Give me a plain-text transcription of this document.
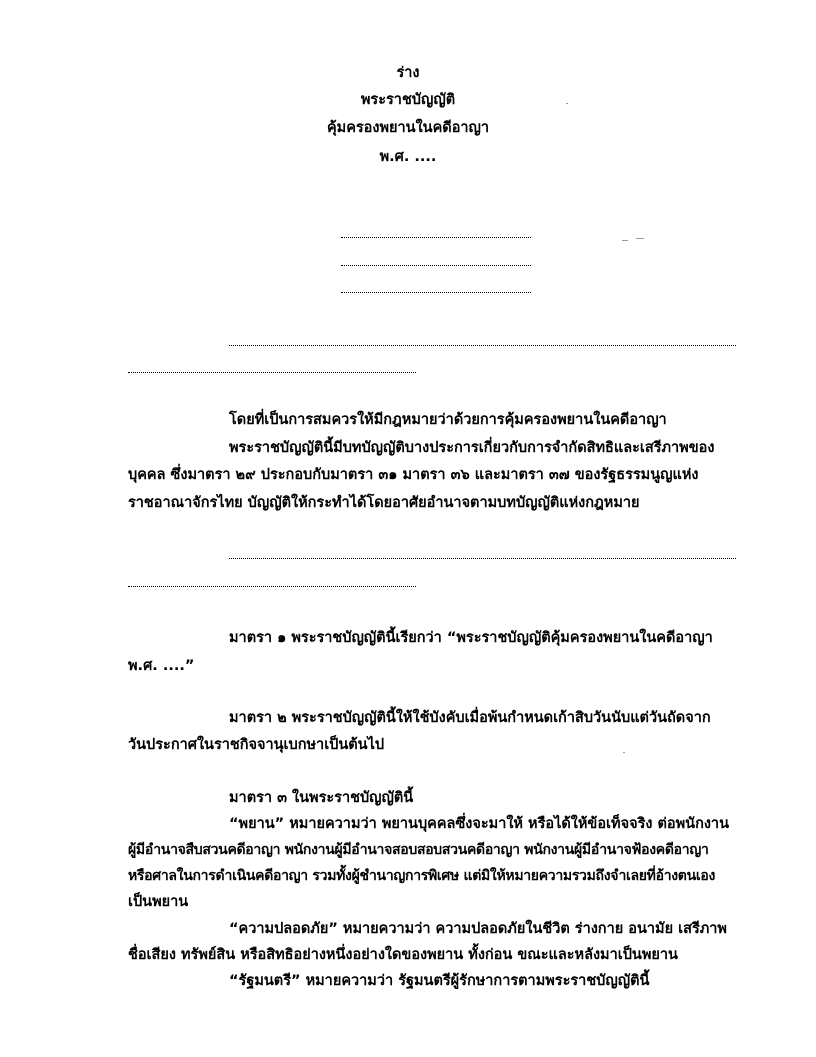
ร่าง
พระราชบัญญัติ
คุ้มครองพยานในคดีอาญา
พ.ศ. ....
โดยที่เป็นการสมควรให้มีกฎหมายว่าด้วยการคุ้มครองพยานในคดีอาญา
พระราชบัญญัตินี้มีบทบัญญัติบางประการเกี่ยวกับการจำกัดสิทธิและเสรีภาพของ
บุคคล ซึ่งมาตรา ๒๙ ประกอบกับมาตรา ๓๑ มาตรา ๓๖ และมาตรา ๓๗ ของรัฐธรรมนูญแห่ง
ราชอาณาจักรไทย บัญญัติให้กระทำได้โดยอาศัยอำนาจตามบทบัญญัติแห่งกฎหมาย
มาตรา ๑ พระราชบัญญัตินี้เรียกว่า “พระราชบัญญัติคุ้มครองพยานในคดีอาญา
พ.ศ. ....”
มาตรา ๒ พระราชบัญญัตินี้ให้ใช้บังคับเมื่อพ้นกำหนดเก้าสิบวันนับแต่วันถัดจาก
วันประกาศในราชกิจจานุเบกษาเป็นต้นไป
มาตรา ๓ ในพระราชบัญญัตินี้
“พยาน” หมายความว่า พยานบุคคลซึ่งจะมาให้ หรือได้ให้ข้อเท็จจริง ต่อพนักงาน
ผู้มีอำนาจสืบสวนคดีอาญา พนักงานผู้มีอำนาจสอบสอบสวนคดีอาญา พนักงานผู้มีอำนาจฟ้องคดีอาญา
หรือศาลในการดำเนินคดีอาญา รวมทั้งผู้ชำนาญการพิเศษ แต่มิให้หมายความรวมถึงจำเลยที่อ้างตนเอง
เป็นพยาน
“ความปลอดภัย” หมายความว่า ความปลอดภัยในชีวิต ร่างกาย อนามัย เสรีภาพ
ชื่อเสียง ทรัพย์สิน หรือสิทธิอย่างหนึ่งอย่างใดของพยาน ทั้งก่อน ขณะและหลังมาเป็นพยาน
“รัฐมนตรี” หมายความว่า รัฐมนตรีผู้รักษาการตามพระราชบัญญัตินี้
